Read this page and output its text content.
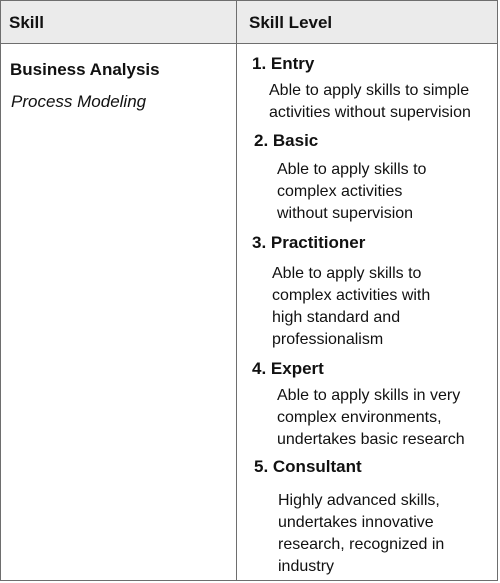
Skill	Skill Level
Business Analysis
Process Modeling
1. Entry
Able to apply skills to simple
activities without supervision
2. Basic
Able to apply skills to
complex activities
without supervision
3. Practitioner
Able to apply skills to
complex activities with
high standard and
professionalism
4. Expert
Able to apply skills in very
complex environments,
undertakes basic research
5. Consultant
Highly advanced skills,
undertakes innovative
research, recognized in
industry
